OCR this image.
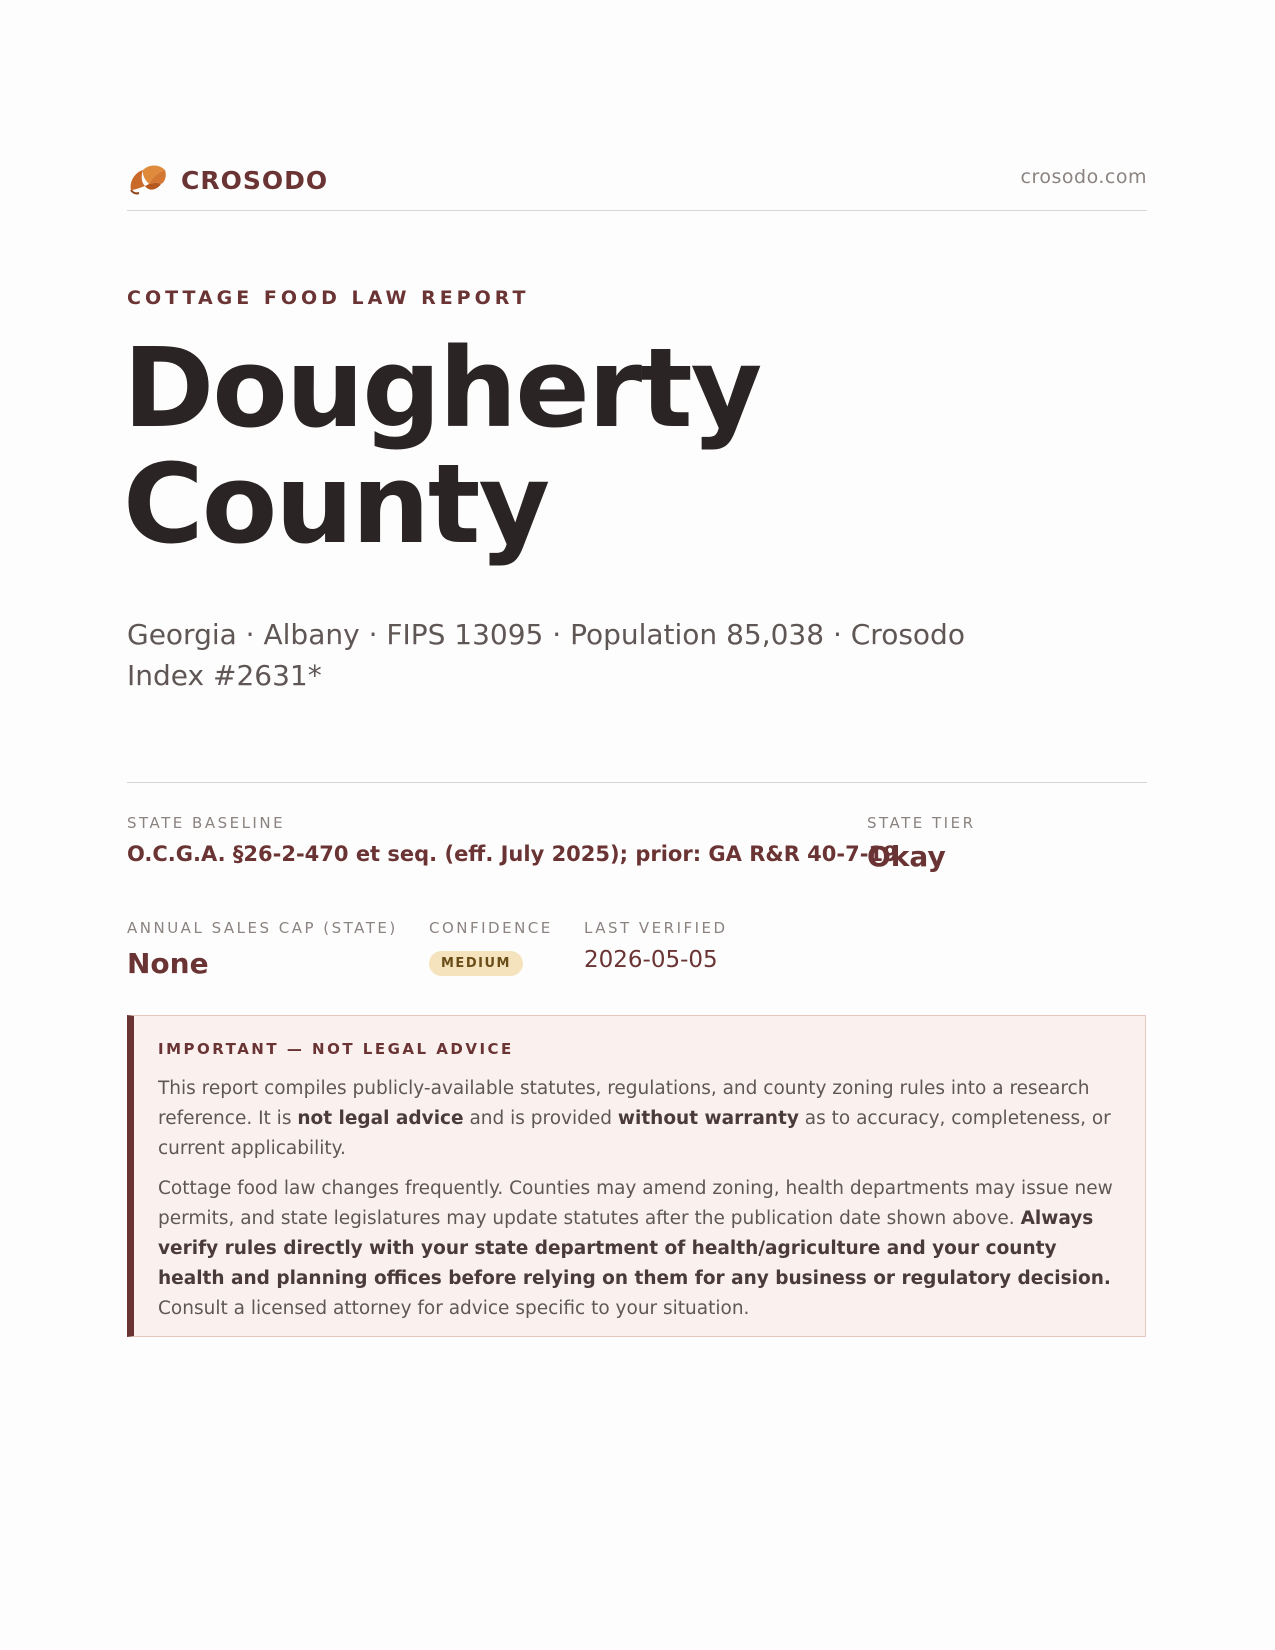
CROSODO	crosodo.com
COTTAGE FOOD LAW REPORT
Dougherty
County
Georgia · Albany · FIPS 13095 · Population 85,038 · Crosodo Index #2631*
STATE BASELINE
O.C.G.A. §26-2-470 et seq. (eff. July 2025); prior: GA R&R 40-7-19
STATE TIER
Okay
ANNUAL SALES CAP (STATE)
None
CONFIDENCE
MEDIUM
LAST VERIFIED
2026-05-05
IMPORTANT — NOT LEGAL ADVICE

This report compiles publicly-available statutes, regulations, and county zoning rules into a research reference. It is not legal advice and is provided without warranty as to accuracy, completeness, or current applicability.

Cottage food law changes frequently. Counties may amend zoning, health departments may issue new permits, and state legislatures may update statutes after the publication date shown above. Always verify rules directly with your state department of health/agriculture and your county health and planning offices before relying on them for any business or regulatory decision. Consult a licensed attorney for advice specific to your situation.
